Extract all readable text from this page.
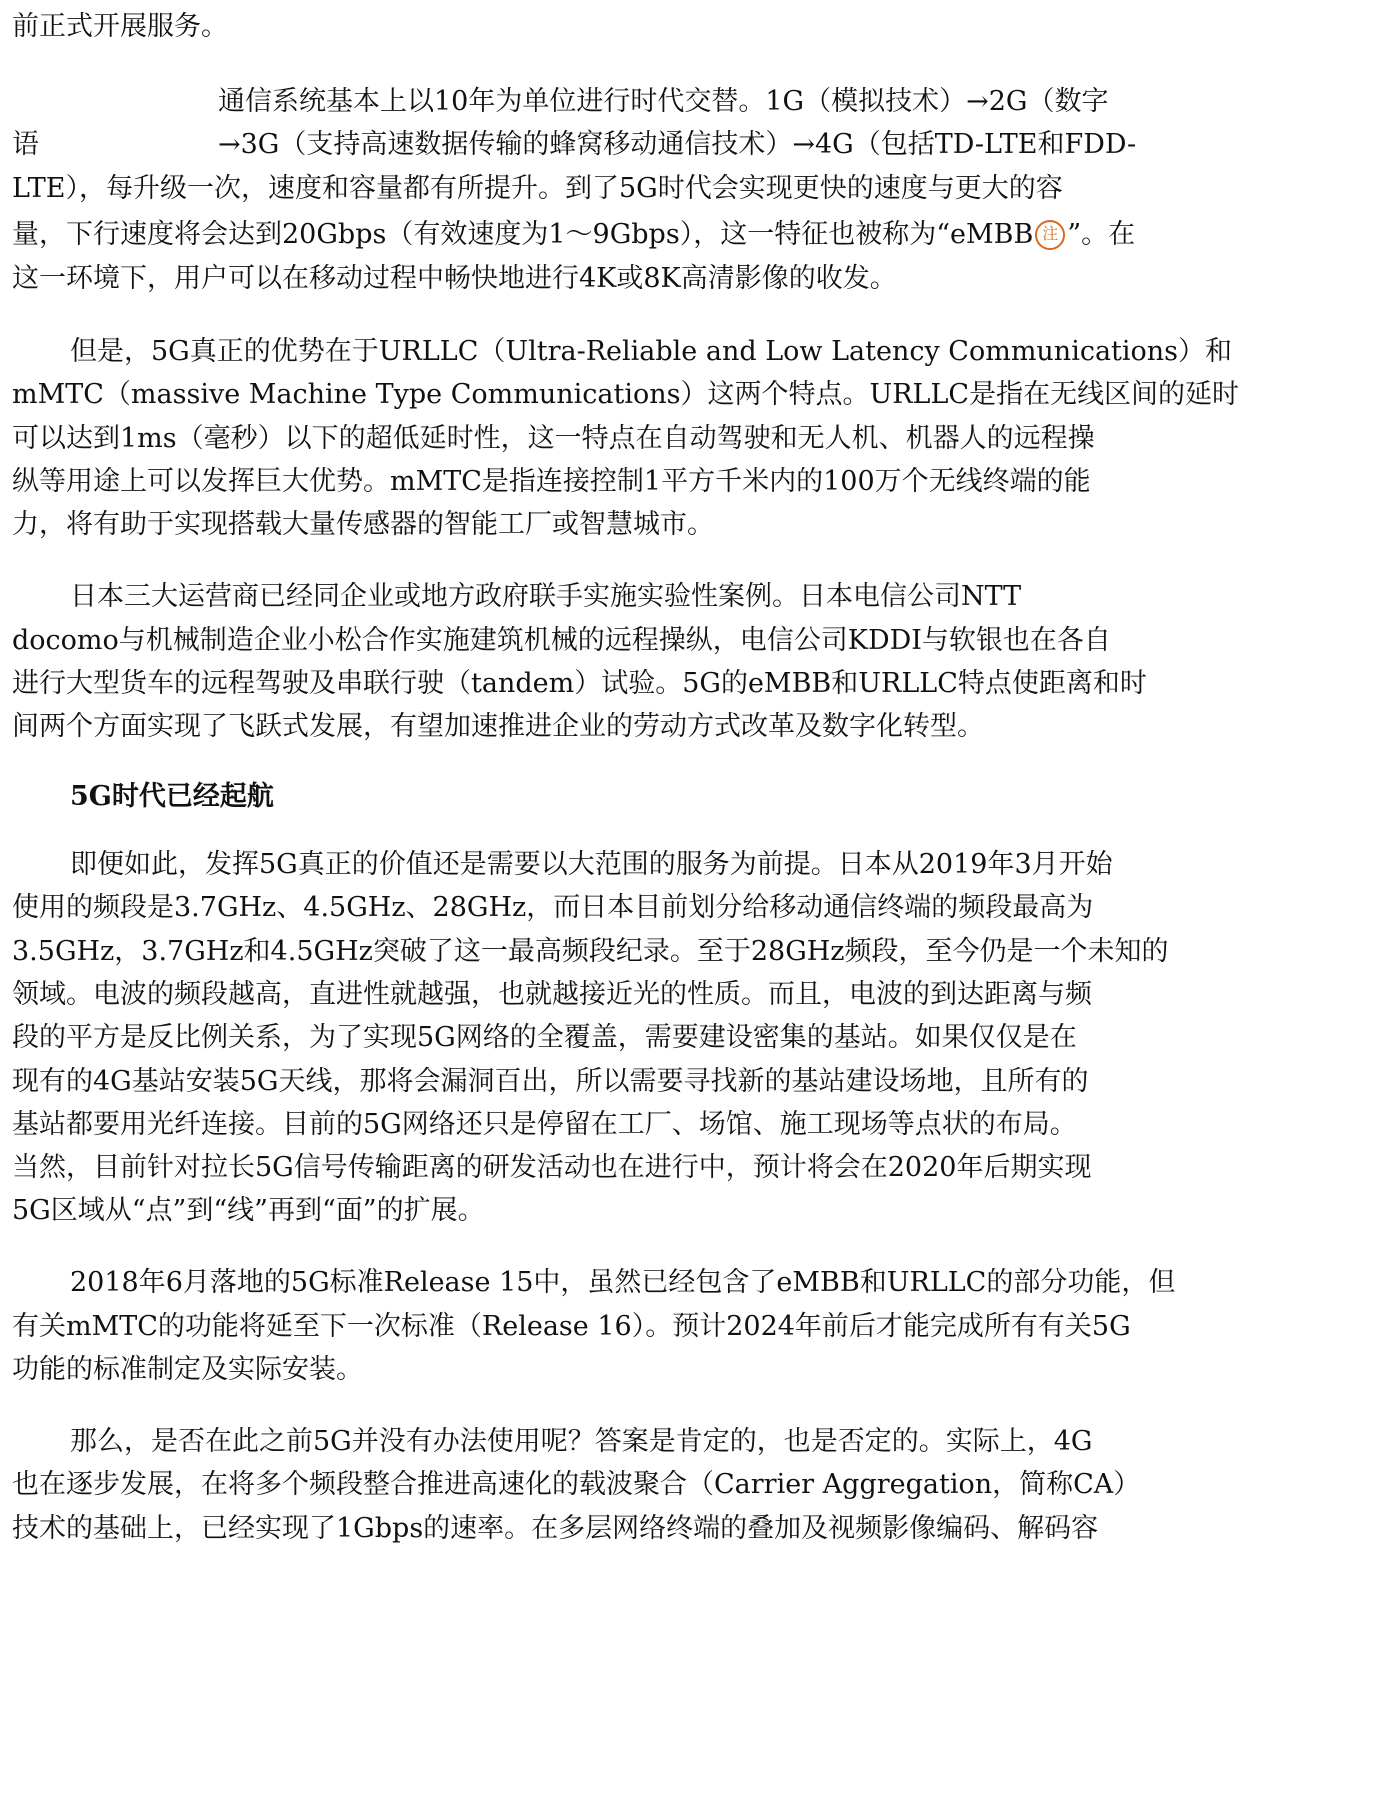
前正式开展服务。
通信系统基本上以10年为单位进行时代交替。1G（模拟技术）→2G（数字
语	→3G（支持高速数据传输的蜂窝移动通信技术）→4G（包括TD-LTE和FDD-
LTE），每升级一次，速度和容量都有所提升。到了5G时代会实现更快的速度与更大的容
量，下行速度将会达到20Gbps（有效速度为1～9Gbps），这一特征也被称为“eMBB 注 ”。在
这一环境下，用户可以在移动过程中畅快地进行4K或8K高清影像的收发。
但是，5G真正的优势在于URLLC（Ultra-Reliable and Low Latency Communications）和
mMTC（massive Machine Type Communications）这两个特点。URLLC是指在无线区间的延时
可以达到1ms（毫秒）以下的超低延时性，这一特点在自动驾驶和无人机、机器人的远程操
纵等用途上可以发挥巨大优势。mMTC是指连接控制1平方千米内的100万个无线终端的能
力，将有助于实现搭载大量传感器的智能工厂或智慧城市。
日本三大运营商已经同企业或地方政府联手实施实验性案例。日本电信公司NTT
docomo与机械制造企业小松合作实施建筑机械的远程操纵，电信公司KDDI与软银也在各自
进行大型货车的远程驾驶及串联行驶（tandem）试验。5G的eMBB和URLLC特点使距离和时
间两个方面实现了飞跃式发展，有望加速推进企业的劳动方式改革及数字化转型。
5G时代已经起航
即便如此，发挥5G真正的价值还是需要以大范围的服务为前提。日本从2019年3月开始
使用的频段是3.7GHz、4.5GHz、28GHz，而日本目前划分给移动通信终端的频段最高为
3.5GHz，3.7GHz和4.5GHz突破了这一最高频段纪录。至于28GHz频段，至今仍是一个未知的
领域。电波的频段越高，直进性就越强，也就越接近光的性质。而且，电波的到达距离与频
段的平方是反比例关系，为了实现5G网络的全覆盖，需要建设密集的基站。如果仅仅是在
现有的4G基站安装5G天线，那将会漏洞百出，所以需要寻找新的基站建设场地，且所有的
基站都要用光纤连接。目前的5G网络还只是停留在工厂、场馆、施工现场等点状的布局。
当然，目前针对拉长5G信号传输距离的研发活动也在进行中，预计将会在2020年后期实现
5G区域从“点”到“线”再到“面”的扩展。
2018年6月落地的5G标准Release 15中，虽然已经包含了eMBB和URLLC的部分功能，但
有关mMTC的功能将延至下一次标准（Release 16）。预计2024年前后才能完成所有有关5G
功能的标准制定及实际安装。
那么，是否在此之前5G并没有办法使用呢？答案是肯定的，也是否定的。实际上，4G
也在逐步发展，在将多个频段整合推进高速化的载波聚合（Carrier Aggregation，简称CA）
技术的基础上，已经实现了1Gbps的速率。在多层网络终端的叠加及视频影像编码、解码容
